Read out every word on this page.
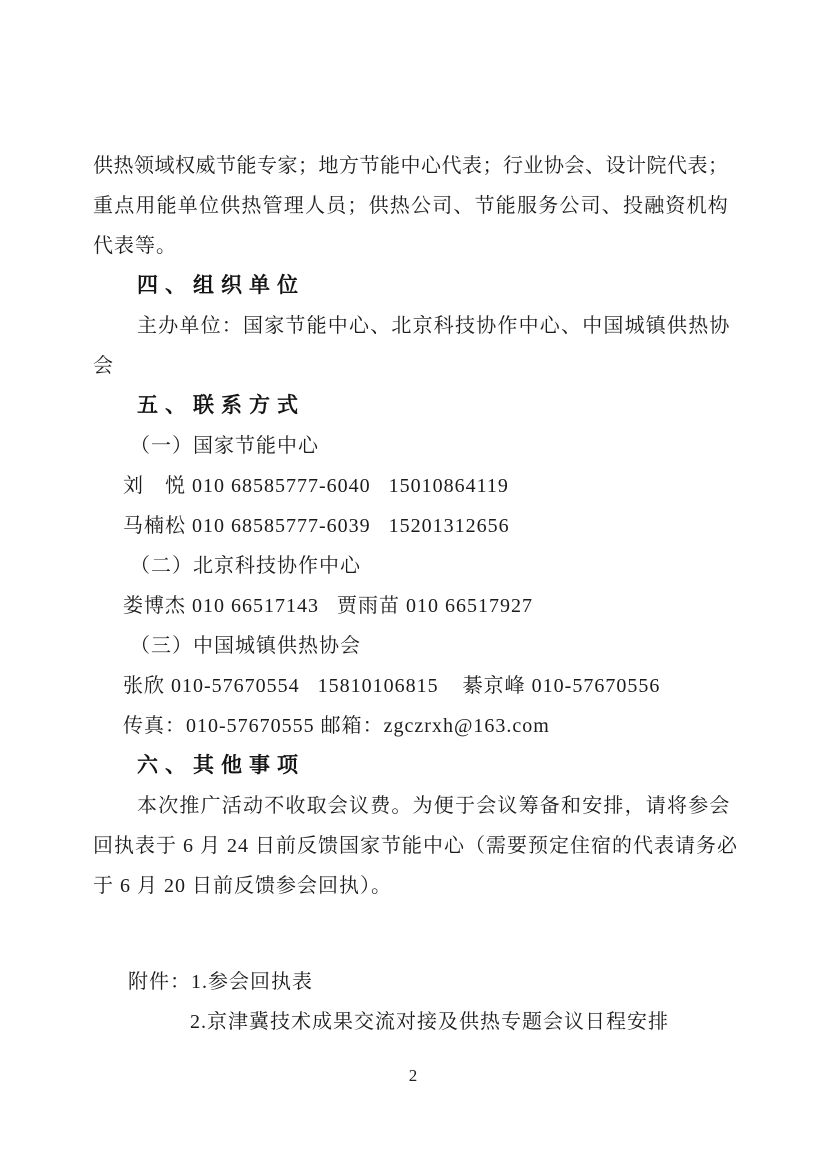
供热领域权威节能专家；地方节能中心代表；行业协会、设计院代表；
重点用能单位供热管理人员；供热公司、节能服务公司、投融资机构
代表等。
四、组织单位
主办单位：国家节能中心、北京科技协作中心、中国城镇供热协
会
五、联系方式
（一）国家节能中心
刘　悦 010 68585777-6040   15010864119
马楠松 010 68585777-6039   15201312656
（二）北京科技协作中心
娄博杰 010 66517143   贾雨苗 010 66517927
（三）中国城镇供热协会
张欣 010-57670554   15810106815    綦京峰 010-57670556
传真：010-57670555 邮箱：zgczrxh@163.com
六、其他事项
本次推广活动不收取会议费。为便于会议筹备和安排，请将参会
回执表于 6 月 24 日前反馈国家节能中心（需要预定住宿的代表请务必
于 6 月 20 日前反馈参会回执）。
附件：1.参会回执表
2.京津冀技术成果交流对接及供热专题会议日程安排
2
